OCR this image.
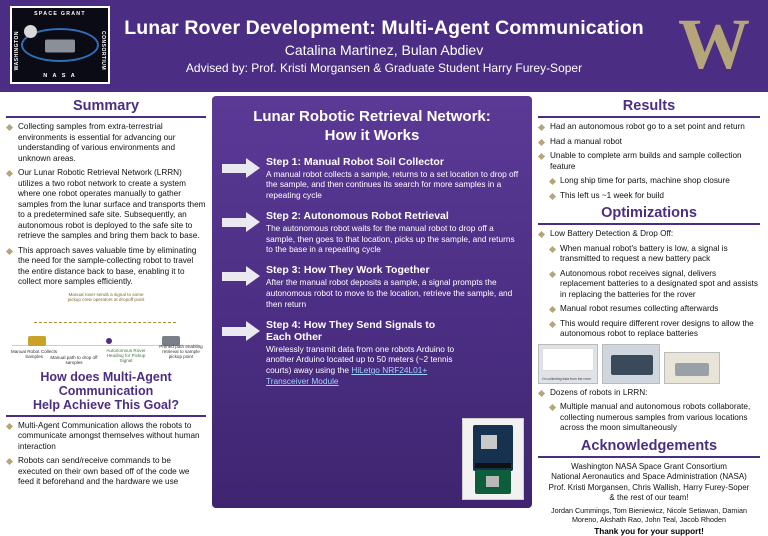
SPACE GRANT
WASHINGTON	CONSORTIUM
N A S A
Lunar Rover Development: Multi-Agent Communication
Catalina Martinez, Bulan Abdiev
Advised by: Prof. Kristi Morgansen & Graduate Student Harry Furey-Soper	W
Summary
Collecting samples from extra-terrestrial environments is essential for advancing our understanding of various environments and unknown areas.
Our Lunar Robotic Retrieval Network (LRRN) utilizes a two robot network to create a system where one robot operates manually to gather samples from the lunar surface and transports them to a predetermined safe site. Subsequently, an autonomous robot is deployed to the safe site to retrieve the samples and bring them back to base.
This approach saves valuable time by eliminating the need for the sample-collecting robot to travel the entire distance back to base, enabling it to collect more samples efficiently.
Manual rover sends a signal to some pickup crew operators at dropoff point
Manual Robot Collects Samples	Manual path to drop off samples
Autonomous Rover Heading for Pickup Signal
Primed path enabling retrieval to sample pickup point
How does Multi-Agent Communication
Help Achieve This Goal?
Multi-Agent Communication allows the robots to communicate amongst themselves without human interaction
Robots can send/receive commands to be executed on their own based off of the code we feed it beforehand and the hardware we use
Lunar Robotic Retrieval Network:
How it Works
Step 1: Manual Robot Soil Collector
A manual robot collects a sample, returns to a set location to drop off the sample, and then continues its search for more samples in a repeating cycle
Step 2: Autonomous Robot Retrieval
The autonomous robot waits for the manual robot to drop off a sample, then goes to that location, picks up the sample, and returns to the base in a repeating cycle
Step 3: How They Work Together
After the manual robot deposits a sample, a signal prompts the autonomous robot to move to the location, retrieve the sample, and then return
Step 4: How They Send Signals to Each Other
Wirelessly transmit data from one robots Arduino to another Arduino located up to 50 meters (~2 tennis courts) away using the HiLetgo NRF24L01+ Transceiver Module
Results
Had an autonomous robot go to a set point and return
Had a manual robot
Unable to complete arm builds and sample collection feature
Long ship time for parts, machine shop closure
This left us ~1 week for build
Optimizations
Low Battery Detection & Drop Off:
When manual robot's battery is low, a signal is transmitted to request a new battery pack
Autonomous robot receives signal, delivers replacement batteries to a designated spot and assists in replacing the batteries for the rover
Manual robot resumes collecting afterwards
This would require different rover designs to allow the autonomous robot to replace batteries
I'm collecting data from the rover
Dozens of robots in LRRN:
Multiple manual and autonomous robots collaborate, collecting numerous samples from various locations across the moon simultaneously
Acknowledgements
Washington NASA Space Grant Consortium
National Aeronautics and Space Administration (NASA)
Prof. Kristi Morgansen, Chris Wallish, Harry Furey-Soper
& the rest of our team!
Jordan Cummings, Tom Bieniewicz, Nicole Setiawan, Damian Moreno, Akshath Rao, John Teal, Jacob Rhoden
Thank you for your support!
